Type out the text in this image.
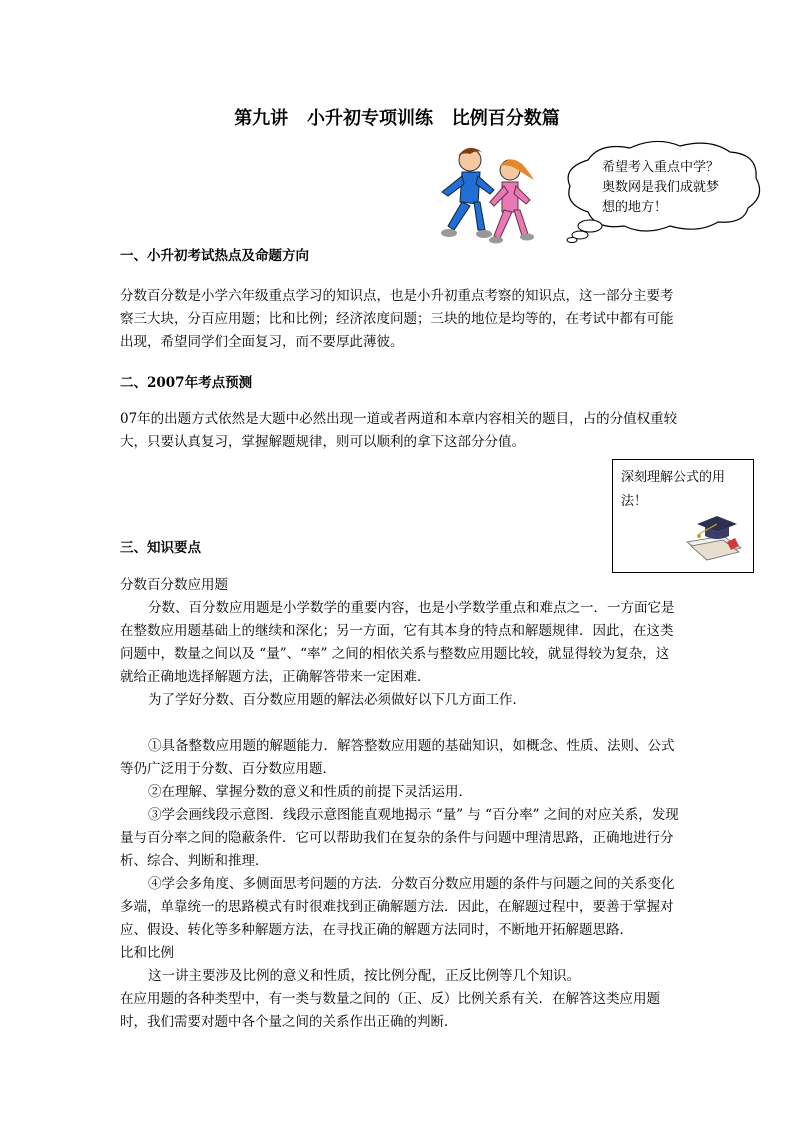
第九讲   小升初专项训练   比例百分数篇
希望考入重点中学？
奥数网是我们成就梦
想的地方！
一、小升初考试热点及命题方向
分数百分数是小学六年级重点学习的知识点，也是小升初重点考察的知识点，这一部分主要考察三大块，分百应用题；比和比例；经济浓度问题；三块的地位是均等的，在考试中都有可能出现，希望同学们全面复习，而不要厚此薄彼。
二、2007年考点预测
07年的出题方式依然是大题中必然出现一道或者两道和本章内容相关的题目，占的分值权重较大，只要认真复习，掌握解题规律，则可以顺利的拿下这部分分值。
深刻理解公式的用
法！
三、知识要点
分数百分数应用题
分数、百分数应用题是小学数学的重要内容，也是小学数学重点和难点之一．一方面它是在整数应用题基础上的继续和深化；另一方面，它有其本身的特点和解题规律．因此，在这类问题中，数量之间以及 “量”、“率” 之间的相依关系与整数应用题比较，就显得较为复杂，这就给正确地选择解题方法，正确解答带来一定困难．
为了学好分数、百分数应用题的解法必须做好以下几方面工作．
①具备整数应用题的解题能力．解答整数应用题的基础知识，如概念、性质、法则、公式等仍广泛用于分数、百分数应用题．
②在理解、掌握分数的意义和性质的前提下灵活运用．
③学会画线段示意图．线段示意图能直观地揭示 “量” 与 “百分率” 之间的对应关系，发现量与百分率之间的隐蔽条件．它可以帮助我们在复杂的条件与问题中理清思路，正确地进行分析、综合、判断和推理．
④学会多角度、多侧面思考问题的方法．分数百分数应用题的条件与问题之间的关系变化多端，单靠统一的思路模式有时很难找到正确解题方法．因此，在解题过程中，要善于掌握对应、假设、转化等多种解题方法，在寻找正确的解题方法同时，不断地开拓解题思路．
比和比例
这一讲主要涉及比例的意义和性质，按比例分配，正反比例等几个知识。
在应用题的各种类型中，有一类与数量之间的（正、反）比例关系有关．在解答这类应用题时，我们需要对题中各个量之间的关系作出正确的判断．
